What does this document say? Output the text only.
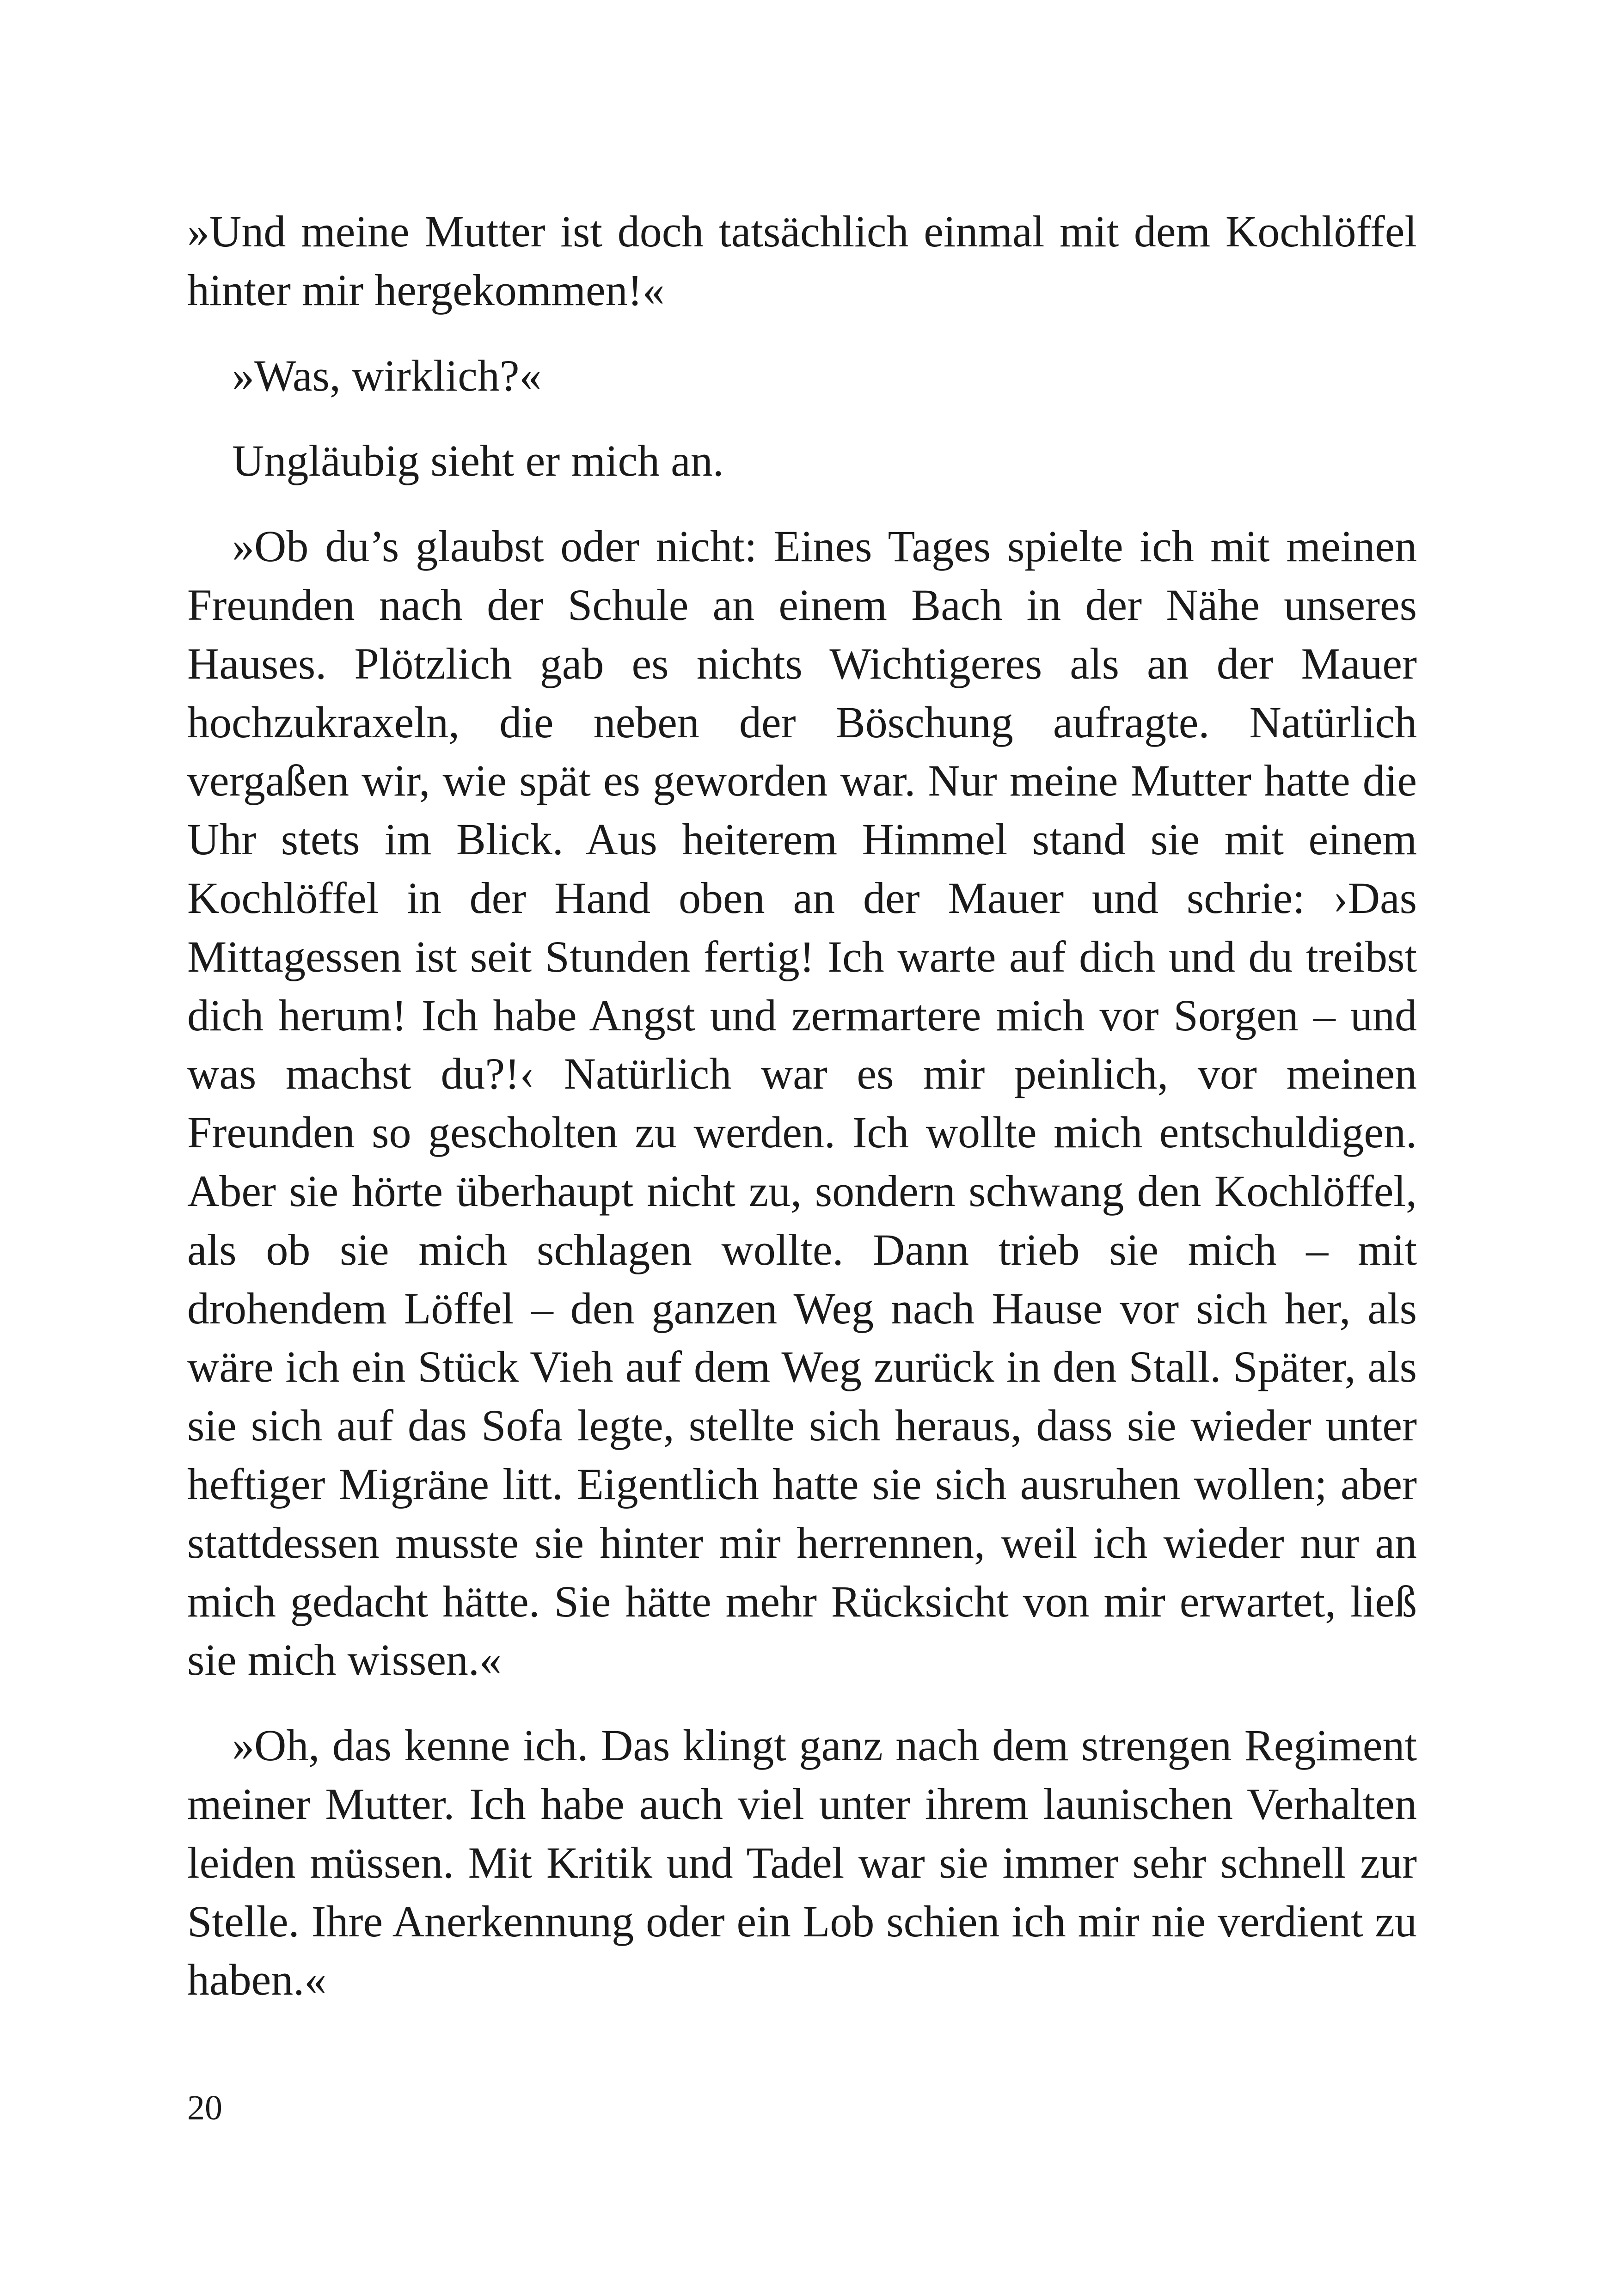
»Und meine Mutter ist doch tatsächlich einmal mit dem Kochlöffel hinter mir hergekommen!«

»Was, wirklich?«

Ungläubig sieht er mich an.

»Ob du’s glaubst oder nicht: Eines Tages spielte ich mit meinen Freunden nach der Schule an einem Bach in der Nähe unseres Hauses. Plötzlich gab es nichts Wichtigeres als an der Mauer hochzukraxeln, die neben der Böschung aufragte. Natürlich vergaßen wir, wie spät es geworden war. Nur meine Mutter hatte die Uhr stets im Blick. Aus heiterem Himmel stand sie mit einem Kochlöffel in der Hand oben an der Mauer und schrie: ›Das Mittagessen ist seit Stunden fertig! Ich warte auf dich und du treibst dich herum! Ich habe Angst und zermartere mich vor Sorgen – und was machst du?!‹ Natürlich war es mir peinlich, vor meinen Freunden so gescholten zu werden. Ich wollte mich entschuldigen. Aber sie hörte überhaupt nicht zu, sondern schwang den Kochlöffel, als ob sie mich schlagen wollte. Dann trieb sie mich – mit drohendem Löffel – den ganzen Weg nach Hause vor sich her, als wäre ich ein Stück Vieh auf dem Weg zurück in den Stall. Später, als sie sich auf das Sofa legte, stellte sich heraus, dass sie wieder unter heftiger Migräne litt. Eigentlich hatte sie sich ausruhen wollen; aber stattdessen musste sie hinter mir herrennen, weil ich wieder nur an mich gedacht hätte. Sie hätte mehr Rücksicht von mir erwartet, ließ sie mich wissen.«

»Oh, das kenne ich. Das klingt ganz nach dem strengen Regiment meiner Mutter. Ich habe auch viel unter ihrem launischen Verhalten leiden müssen. Mit Kritik und Tadel war sie immer sehr schnell zur Stelle. Ihre Anerkennung oder ein Lob schien ich mir nie verdient zu haben.«

20
